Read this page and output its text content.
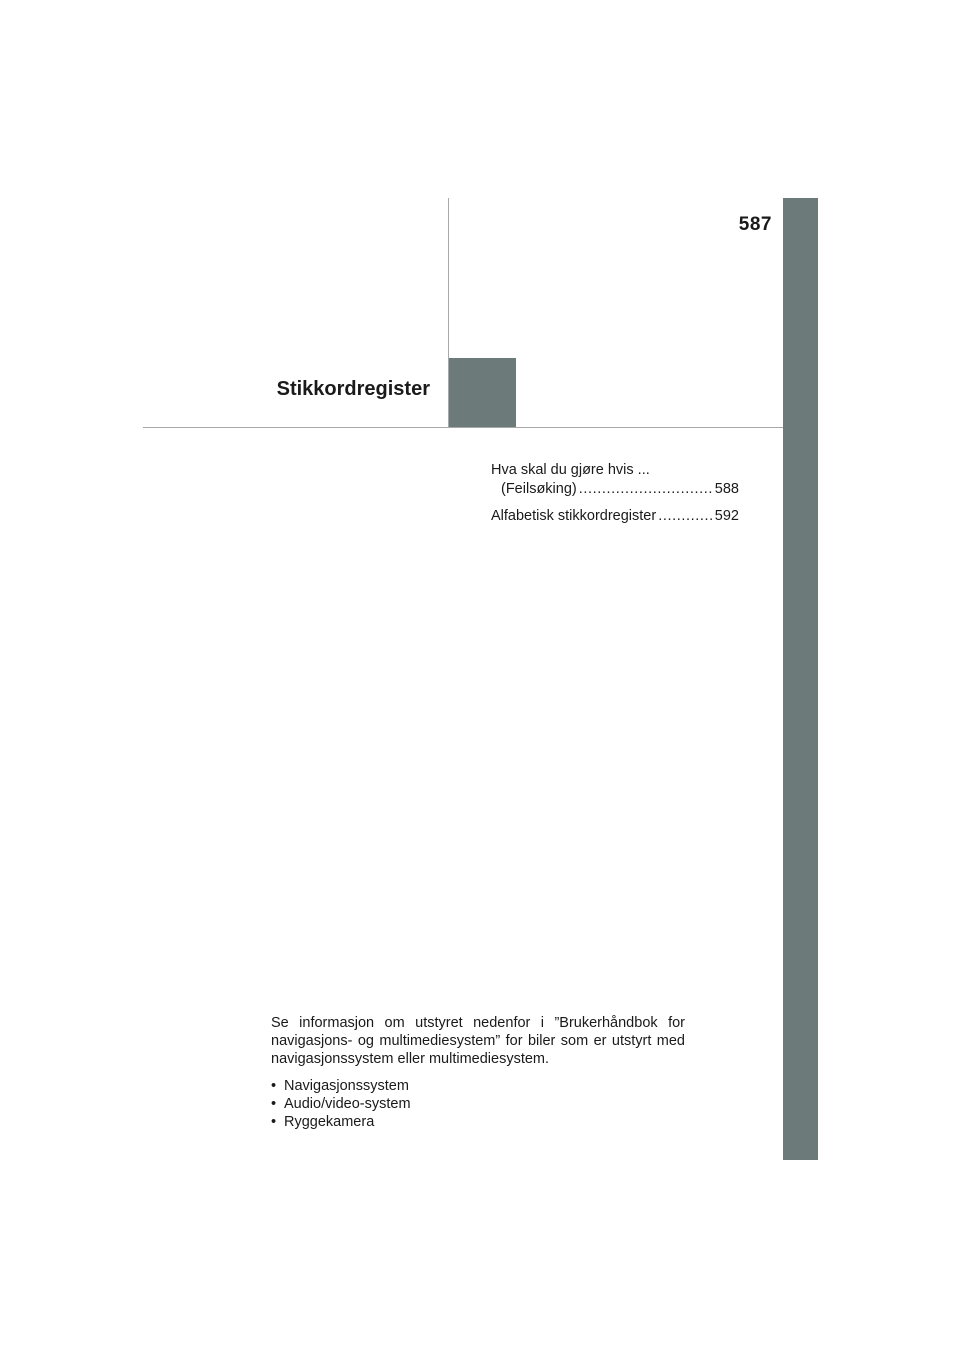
587
Stikkordregister
Hva skal du gjøre hvis ...
(Feilsøking) .....	588
Alfabetisk stikkordregister .....	592

Se informasjon om utstyret nedenfor i ”Brukerhåndbok for navigasjons- og multimediesystem” for biler som er utstyrt med navigasjonssystem eller multimediesystem.

• Navigasjonssystem
• Audio/video-system
• Ryggekamera
